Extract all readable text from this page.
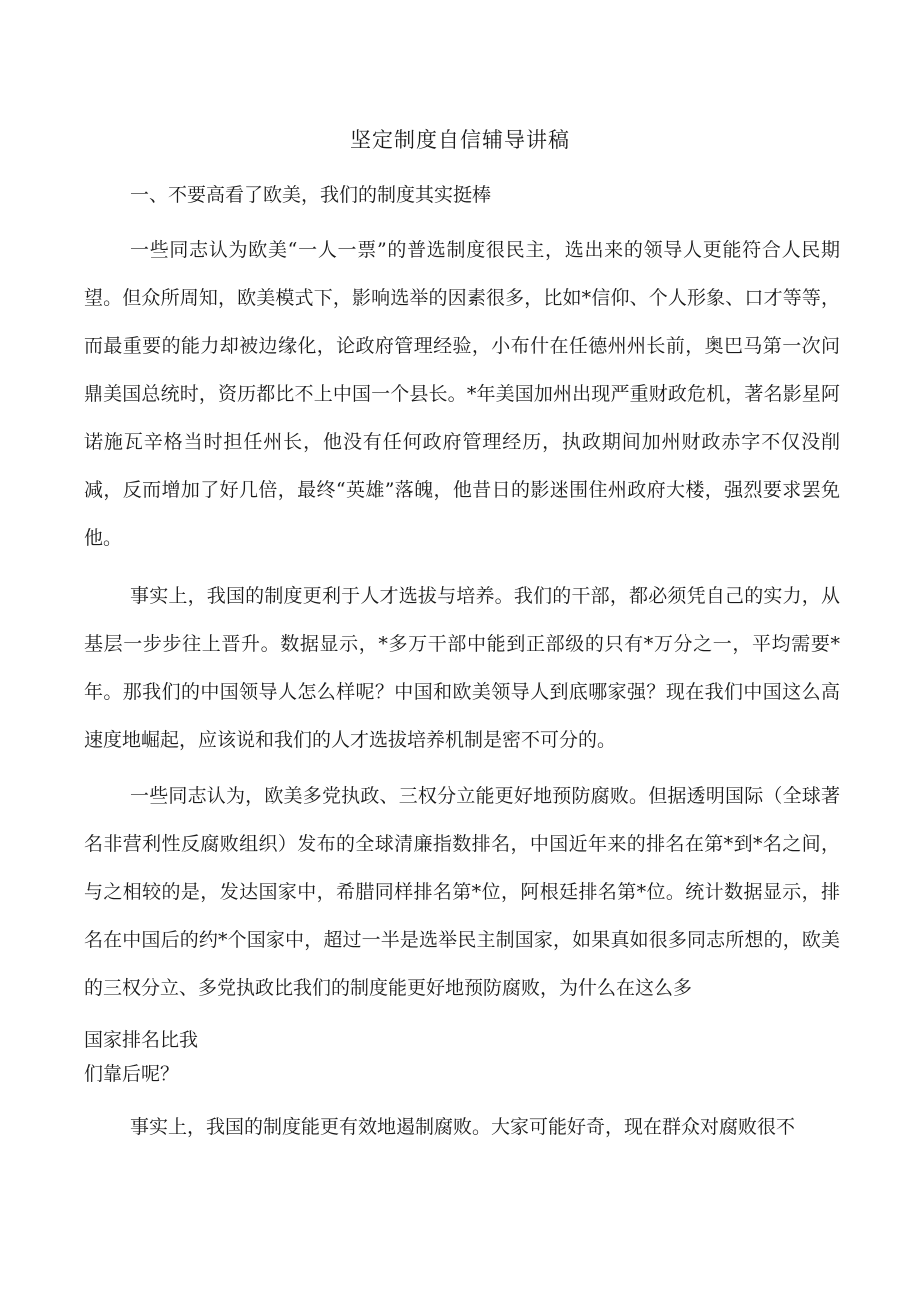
坚定制度自信辅导讲稿

一、不要高看了欧美，我们的制度其实挺棒

一些同志认为欧美“一人一票”的普选制度很民主，选出来的领导人更能符合人民期望。但众所周知，欧美模式下，影响选举的因素很多，比如*信仰、个人形象、口才等等，而最重要的能力却被边缘化，论政府管理经验，小布什在任德州州长前，奥巴马第一次问鼎美国总统时，资历都比不上中国一个县长。*年美国加州出现严重财政危机，著名影星阿诺施瓦辛格当时担任州长，他没有任何政府管理经历，执政期间加州财政赤字不仅没削减，反而增加了好几倍，最终“英雄”落魄，他昔日的影迷围住州政府大楼，强烈要求罢免他。

事实上，我国的制度更利于人才选拔与培养。我们的干部，都必须凭自己的实力，从基层一步步往上晋升。数据显示，*多万干部中能到正部级的只有*万分之一，平均需要*年。那我们的中国领导人怎么样呢？中国和欧美领导人到底哪家强？现在我们中国这么高速度地崛起，应该说和我们的人才选拔培养机制是密不可分的。

一些同志认为，欧美多党执政、三权分立能更好地预防腐败。但据透明国际（全球著名非营利性反腐败组织）发布的全球清廉指数排名，中国近年来的排名在第*到*名之间，与之相较的是，发达国家中，希腊同样排名第*位，阿根廷排名第*位。统计数据显示，排名在中国后的约*个国家中，超过一半是选举民主制国家，如果真如很多同志所想的，欧美的三权分立、多党执政比我们的制度能更好地预防腐败，为什么在这么多

国家排名比我

们靠后呢？

事实上，我国的制度能更有效地遏制腐败。大家可能好奇，现在群众对腐败很不
